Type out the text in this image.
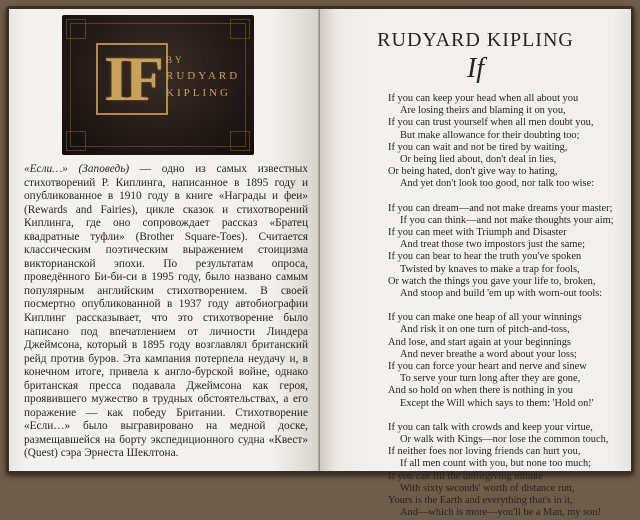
IF BY
RUDYARD
KIPLING
«Если…» (Заповедь) — одно из самых известных стихотворений Р. Киплинга, написанное в 1895 году и опубликованное в 1910 году в книге «Награды и феи» (Rewards and Fairies), цикле сказок и стихотворений Киплинга, где оно сопровождает рассказ «Братец квадратные туфли» (Brother Square-Toes). Считается классическим поэтическим выражением стоицизма викторианской эпохи. По результатам опроса, проведённого Би-би-си в 1995 году, было названо самым популярным английским стихотворением. В своей посмертно опубликованной в 1937 году автобиографии Киплинг рассказывает, что это стихотворение было написано под впечатлением от личности Линдера Джеймсона, который в 1895 году возглавлял британский рейд против буров. Эта кампания потерпела неудачу и, в конечном итоге, привела к англо-бурской войне, однако британская пресса подавала Джеймсона как героя, проявившего мужество в трудных обстоятельствах, а его поражение — как победу Британии. Стихотворение «Если…» было выгравировано на медной доске, размещавшейся на борту экспедиционного судна «Квест» (Quest) сэра Эрнеста Шеклтона.
RUDYARD KIPLING
If
If you can keep your head when all about you
Are losing theirs and blaming it on you,
If you can trust yourself when all men doubt you,
But make allowance for their doubting too;
If you can wait and not be tired by waiting,
Or being lied about, don't deal in lies,
Or being hated, don't give way to hating,
And yet don't look too good, nor talk too wise:
If you can dream—and not make dreams your master;
If you can think—and not make thoughts your aim;
If you can meet with Triumph and Disaster
And treat those two impostors just the same;
If you can bear to hear the truth you've spoken
Twisted by knaves to make a trap for fools,
Or watch the things you gave your life to, broken,
And stoop and build 'em up with worn-out tools:
If you can make one heap of all your winnings
And risk it on one turn of pitch-and-toss,
And lose, and start again at your beginnings
And never breathe a word about your loss;
If you can force your heart and nerve and sinew
To serve your turn long after they are gone,
And so hold on when there is nothing in you
Except the Will which says to them: 'Hold on!'
If you can talk with crowds and keep your virtue,
Or walk with Kings—nor lose the common touch,
If neither foes nor loving friends can hurt you,
If all men count with you, but none too much;
If you can fill the unforgiving minute
With sixty seconds' worth of distance run,
Yours is the Earth and everything that's in it,
And—which is more—you'll be a Man, my son!
